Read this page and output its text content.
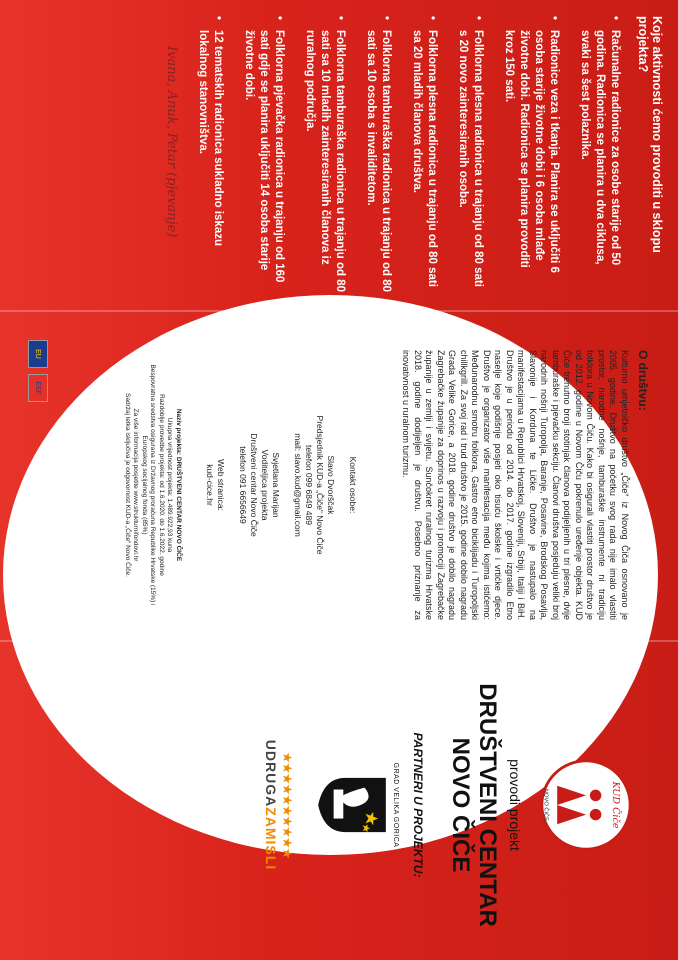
Koje aktivnosti ćemo provoditi u sklopu projekta?
• Računalne radionice za osobe starije od 50 godina. Radionica se planira u dva ciklusa, svaki sa šest polaznika.
• Radionice veza i tkanja. Planira se uključiti 6 osoba starije životne dobi i 6 osoba mlađe životne dobi. Radionica se planira provoditi kroz 150 sati.
• Folklorna plesna radionica u trajanju od 80 sati s 20 novo zainteresiranih osoba.
• Folklorna plesna radionica u trajanju od 80 sati sa 20 mladih članova društva.
• Folklorna tamburaška radionica u trajanju od 80 sati sa 10 osoba s invaliditetom.
• Folklorna tamburaška radionica u trajanju od 80 sati sa 10 mladih zainteresiranih članova iz ruralnog područja.
• Folklorna pjevačka radionica u trajanju od 160 sati gdje se planira uključiti 14 osoba starije životne dobi.
• 12 tematskih radionica sukladno iskazu lokalnog stanovništva.
Ivana, Anuk, Petar (pjevanje)
O društvu:
Kulturno umjetničko društvo „Čiče“ iz Novog Čiča osnovano je 2005. godine. Društvo na početku svog rada nije imalo vlastiti prostor, narodne nošnje, tamburaške instrumente ni tradiciju folklora u Novom Čiču. Kako bi osigurali vlastiti prostor društvo je od 2012. godine u Novom Čiču pokrenulo uređenje objekta. KUD Čiče trenutno broji stotinjak članova podijeljenih u tri plesne, dvije tamburaške i pjevačku sekciju. Članovi društva posjeduju veliki broj narodnih nošnji Turopolja, Baranje, Posavine, Brodskog Posavlja, Slavonije i Korduna te Ličke. Društvo je nastupalo na manifestacijama u Republici Hrvatskoj, Sloveniji, Srbiji, Italiji i BiH. Društvo je u periodu od 2014. do 2017. godine izgradilo Etno naselje koje godišnje posjeti oko tisuću školske i vrtićke djece. Društvo je organizator više manifestacija među kojima ističemo: Međunarodnu smotru folklora, Gastro etno biciklijadu i Turopoljski chillkgrill. Za svoj rad i trud društvo je 2015. godine dobilo nagradu Grada Velike Gorice, a 2018. godine društvo je dobilo nagradu Zagrebačke županije za doprinos u razvoju i promociji Zagrebačke županije u zemlji i svijetu. Sunčokret ruralnog turizma Hrvatske 2018. godine dodijeljen je društvu. Posebno priznanje za inovativnost u ruralnom turizmu.
Kontakt osobe:

Slavo Dvorščak
Predsjednik KUD-a „Čiče“ Novo Čiče
telefon 099 6849 489
mail: slavo.kud@gmail.com

Svjetlana Marijan
Voditeljica projekta
Društveni centar Novo Čiče
telefon 091 6656649

Web stranica:
kud-cice.hr
Naziv projekta: DRUŠTVENI CENTAR NOVO ČIČE
Ukupna vrijednost projekta: 1.489.922,93 kuna
Razdoblje provedbe projekta: od 1.6.2020. do 1.6.2022. godine
Bespovratna sredstva osigurana iz Državnog proračuna Republike Hrvatske (15%) i Europskog socijalnog fonda (85%)
Za više informacija posjetite www.strukturnifondovi.hr
Sadržaj letka isključiva je odgovornost KUD-a „Čiče“ Novo Čiče.
EU
ESF
KUD Čiče
NOVO ČIČE
provodi projekt
DRUŠTVENI CENTAR
NOVO ČIČE
PARTNERI U PROJEKTU:
GRAD VELIKA GORICA
★★★★★★★★★★
UDRUGAZAMISLI
